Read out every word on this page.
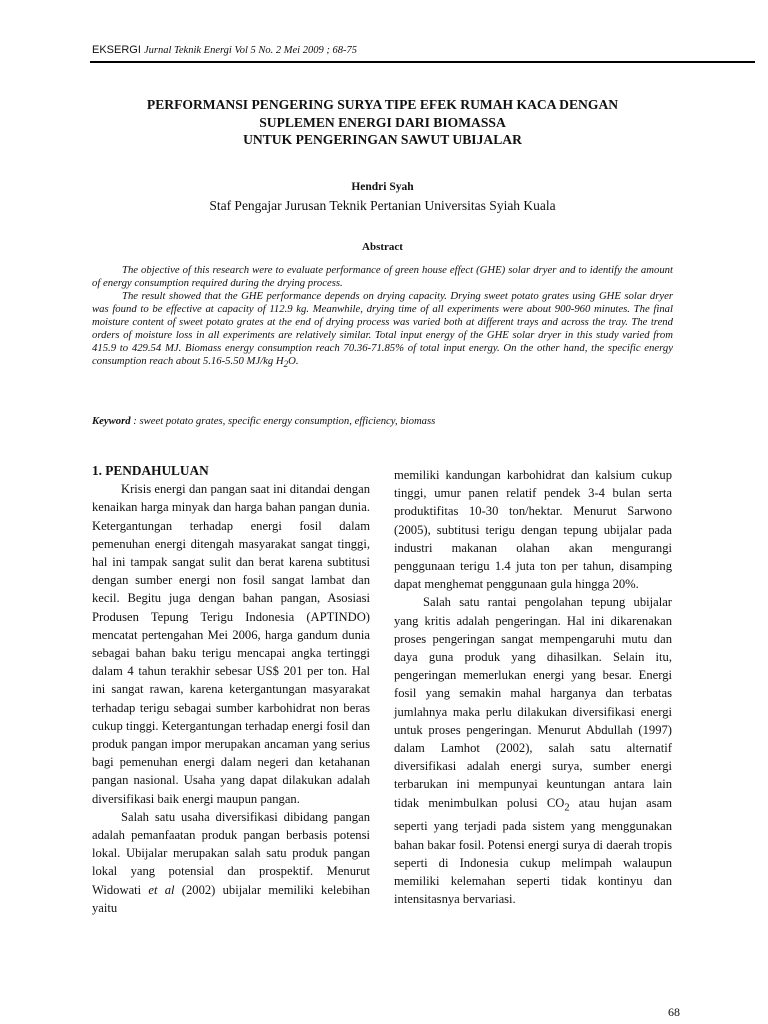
EKSERGI Jurnal Teknik Energi Vol 5 No. 2 Mei 2009 ; 68-75
PERFORMANSI PENGERING SURYA TIPE EFEK RUMAH KACA DENGAN
SUPLEMEN ENERGI DARI BIOMASSA
UNTUK PENGERINGAN SAWUT UBIJALAR
Hendri Syah
Staf Pengajar Jurusan Teknik Pertanian Universitas Syiah Kuala
Abstract

The objective of this research were to evaluate performance of green house effect (GHE) solar dryer and to identify the amount of energy consumption required during the drying process.

The result showed that the GHE performance depends on drying capacity. Drying sweet potato grates using GHE solar dryer was found to be effective at capacity of 112.9 kg. Meanwhile, drying time of all experiments were about 900-960 minutes. The final moisture content of sweet potato grates at the end of drying process was varied both at different trays and across the tray. The trend orders of moisture loss in all experiments are relatively similar. Total input energy of the GHE solar dryer in this study varied from 415.9 to 429.54 MJ. Biomass energy consumption reach 70.36-71.85% of total input energy. On the other hand, the specific energy consumption reach about 5.16-5.50 MJ/kg $H_2O$.

Keyword : sweet potato grates, specific energy consumption, efficiency, biomass

1. PENDAHULUAN

Krisis energi dan pangan saat ini ditandai dengan kenaikan harga minyak dan harga bahan pangan dunia. Ketergantungan terhadap energi fosil dalam pemenuhan energi ditengah masyarakat sangat tinggi, hal ini tampak sangat sulit dan berat karena subtitusi dengan sumber energi non fosil sangat lambat dan kecil. Begitu juga dengan bahan pangan, Asosiasi Produsen Tepung Terigu Indonesia (APTINDO) mencatat pertengahan Mei 2006, harga gandum dunia sebagai bahan baku terigu mencapai angka tertinggi dalam 4 tahun terakhir sebesar US$ 201 per ton. Hal ini sangat rawan, karena ketergantungan masyarakat terhadap terigu sebagai sumber karbohidrat non beras cukup tinggi. Ketergantungan terhadap energi fosil dan produk pangan impor merupakan ancaman yang serius bagi pemenuhan energi dalam negeri dan ketahanan pangan nasional. Usaha yang dapat dilakukan adalah diversifikasi baik energi maupun pangan.

Salah satu usaha diversifikasi dibidang pangan adalah pemanfaatan produk pangan berbasis potensi lokal. Ubijalar merupakan salah satu produk pangan lokal yang potensial dan prospektif. Menurut Widowati et al (2002) ubijalar memiliki kelebihan yaitu

memiliki kandungan karbohidrat dan kalsium cukup tinggi, umur panen relatif pendek 3-4 bulan serta produktifitas 10-30 ton/hektar. Menurut Sarwono (2005), subtitusi terigu dengan tepung ubijalar pada industri makanan olahan akan mengurangi penggunaan terigu 1.4 juta ton per tahun, disamping dapat menghemat penggunaan gula hingga 20%.

Salah satu rantai pengolahan tepung ubijalar yang kritis adalah pengeringan. Hal ini dikarenakan proses pengeringan sangat mempengaruhi mutu dan daya guna produk yang dihasilkan. Selain itu, pengeringan memerlukan energi yang besar. Energi fosil yang semakin mahal harganya dan terbatas jumlahnya maka perlu dilakukan diversifikasi energi untuk proses pengeringan. Menurut Abdullah (1997) dalam Lamhot (2002), salah satu alternatif diversifikasi adalah energi surya, sumber energi terbarukan ini mempunyai keuntungan antara lain tidak menimbulkan polusi $CO_2$ atau hujan asam seperti yang terjadi pada sistem yang menggunakan bahan bakar fosil. Potensi energi surya di daerah tropis seperti di Indonesia cukup melimpah walaupun memiliki kelemahan seperti tidak kontinyu dan intensitasnya bervariasi.

68
